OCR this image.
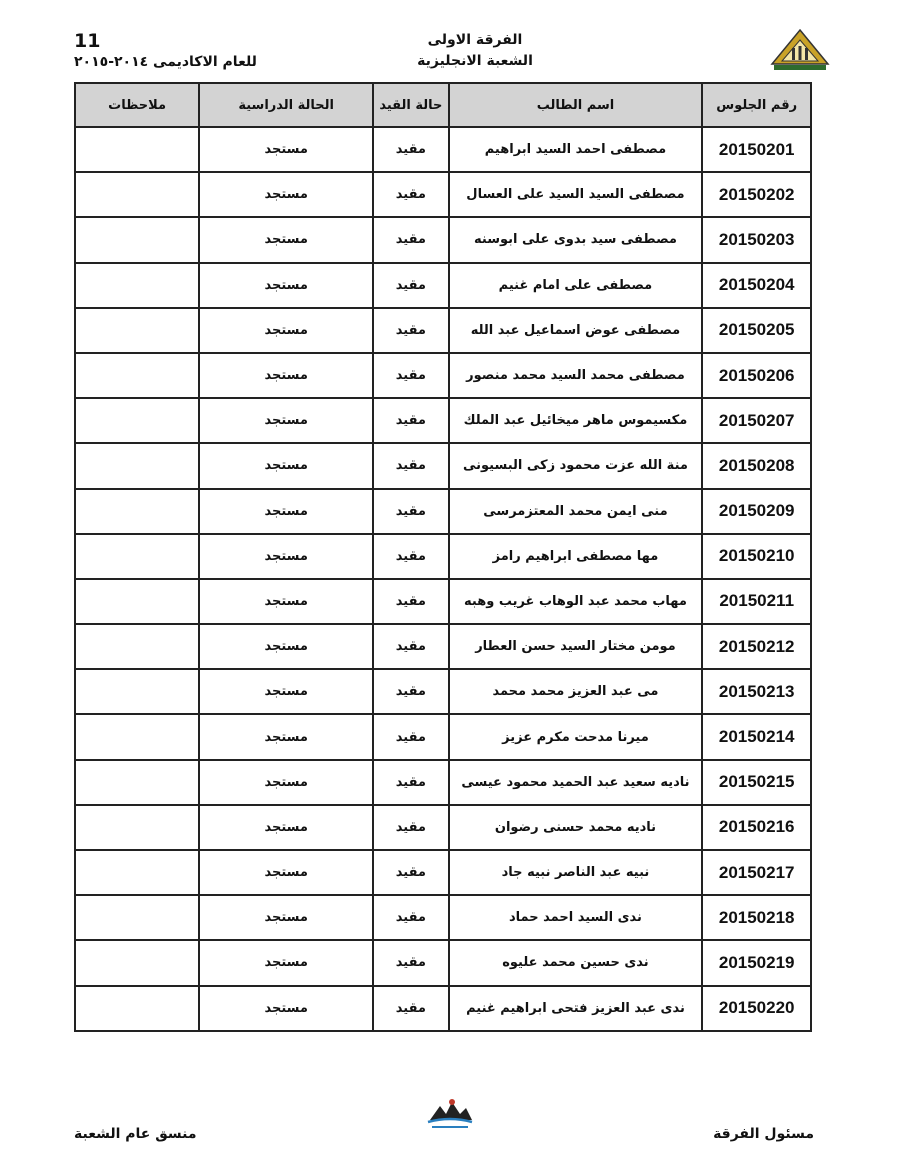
11
للعام الاكاديمى ٢٠١٤-٢٠١٥
الفرقة الاولى
الشعبة الانجليزية
رقم الجلوس	اسم الطالب	حالة القيد	الحالة الدراسية	ملاحظات
20150201	مصطفى احمد السيد ابراهيم	مقيد	مستجد	
20150202	مصطفى السيد السيد على العسال	مقيد	مستجد	
20150203	مصطفى سيد بدوى على ابوسنه	مقيد	مستجد	
20150204	مصطفى على امام غنيم	مقيد	مستجد	
20150205	مصطفى عوض اسماعيل عبد الله	مقيد	مستجد	
20150206	مصطفى محمد السيد محمد منصور	مقيد	مستجد	
20150207	مكسيموس ماهر ميخائيل عبد الملك	مقيد	مستجد	
20150208	منة الله عزت محمود زكى البسيونى	مقيد	مستجد	
20150209	منى ايمن محمد المعتزمرسى	مقيد	مستجد	
20150210	مها مصطفى ابراهيم رامز	مقيد	مستجد	
20150211	مهاب محمد عبد الوهاب غريب وهبه	مقيد	مستجد	
20150212	مومن مختار السيد حسن العطار	مقيد	مستجد	
20150213	مى عبد العزيز محمد محمد	مقيد	مستجد	
20150214	ميرنا مدحت مكرم عزيز	مقيد	مستجد	
20150215	ناديه سعيد عبد الحميد محمود عيسى	مقيد	مستجد	
20150216	ناديه محمد حسنى رضوان	مقيد	مستجد	
20150217	نبيه عبد الناصر نبيه جاد	مقيد	مستجد	
20150218	ندى السيد احمد حماد	مقيد	مستجد	
20150219	ندى حسين محمد عليوه	مقيد	مستجد	
20150220	ندى عبد العزيز فتحى ابراهيم غنيم	مقيد	مستجد	
مسئول الفرقة
منسق عام الشعبة
